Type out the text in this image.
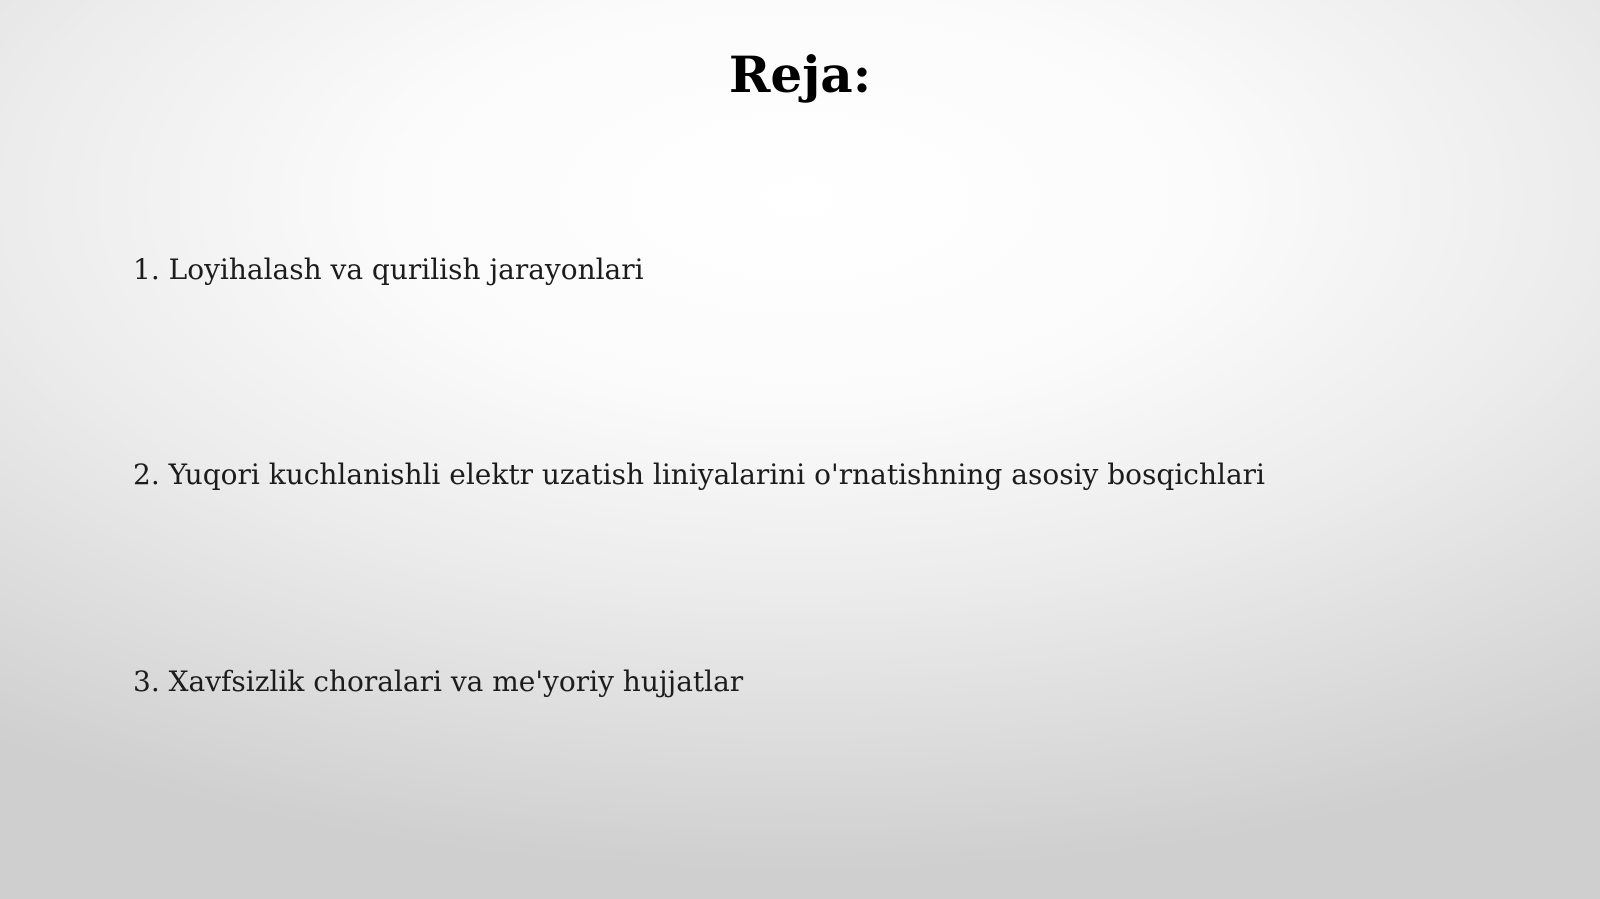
Reja:
1. Loyihalash va qurilish jarayonlari
2. Yuqori kuchlanishli elektr uzatish liniyalarini o'rnatishning asosiy bosqichlari
3. Xavfsizlik choralari va me'yoriy hujjatlar
